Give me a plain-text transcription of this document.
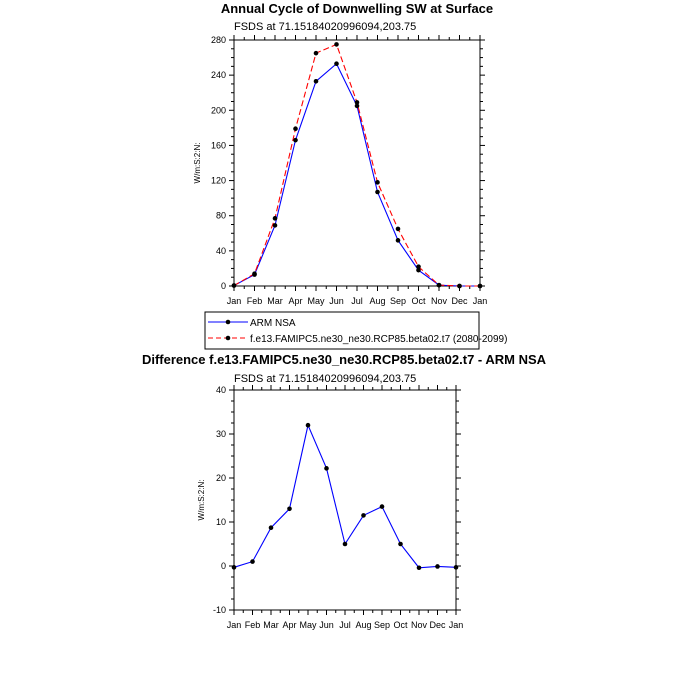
Annual Cycle of Downwelling SW at Surface
FSDS at 71.15184020996094,203.75
W/m:S:2:N:
Jan Feb Mar Apr May Jun Jul Aug Sep Oct Nov Dec Jan
0
40
80
120
160
200
240
280
ARM NSA
f.e13.FAMIPC5.ne30_ne30.RCP85.beta02.t7 (2080-2099)
Difference f.e13.FAMIPC5.ne30_ne30.RCP85.beta02.t7 - ARM NSA
FSDS at 71.15184020996094,203.75
W/m:S:2:N:
Jan Feb Mar Apr May Jun Jul Aug Sep Oct Nov Dec Jan
-10
0
10
20
30
40
